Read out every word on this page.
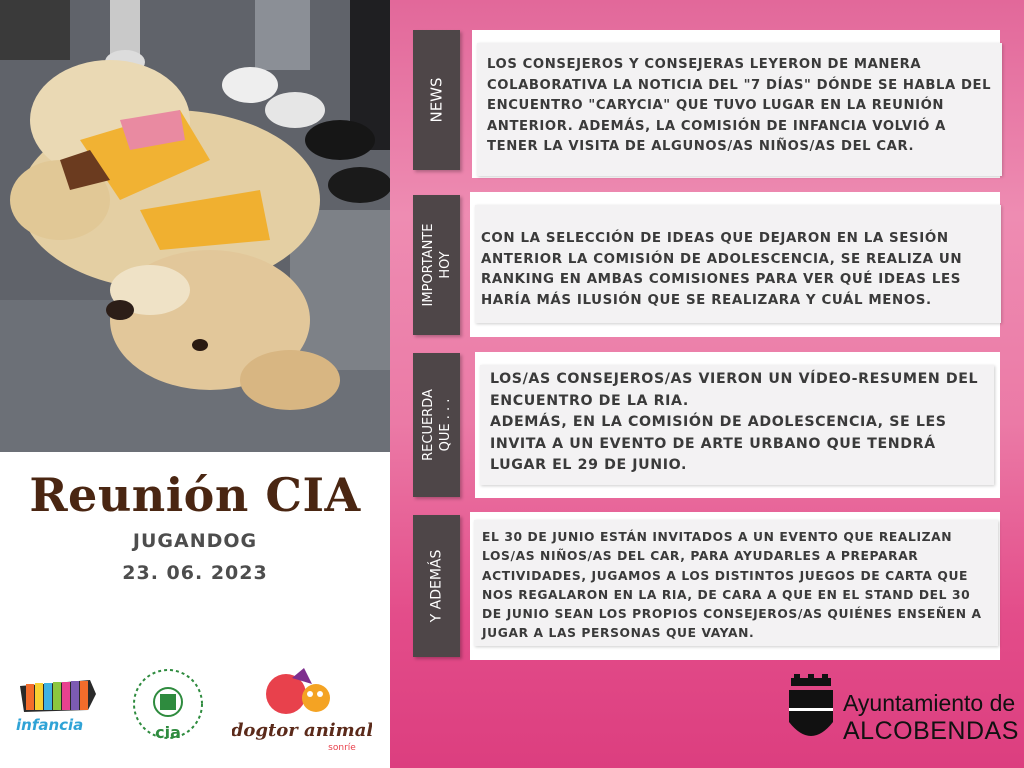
Reunión CIA
JUGANDOG
23. 06. 2023
infancia	cia	dogtor animal
sonríe
NEWS
LOS CONSEJEROS Y CONSEJERAS LEYERON DE MANERA COLABORATIVA LA NOTICIA DEL "7 DÍAS" DÓNDE SE HABLA DEL ENCUENTRO "CARYCIA" QUE TUVO LUGAR EN LA REUNIÓN ANTERIOR. ADEMÁS, LA COMISIÓN DE INFANCIA VOLVIÓ A TENER LA VISITA DE ALGUNOS/AS NIÑOS/AS DEL CAR.
IMPORTANTE HOY
CON LA SELECCIÓN DE IDEAS QUE DEJARON EN LA SESIÓN ANTERIOR LA COMISIÓN DE ADOLESCENCIA, SE REALIZA UN RANKING EN AMBAS COMISIONES PARA VER QUÉ IDEAS LES HARÍA MÁS ILUSIÓN QUE SE REALIZARA Y CUÁL MENOS.
RECUERDA QUE . . .
LOS/AS CONSEJEROS/AS VIERON UN VÍDEO-RESUMEN DEL ENCUENTRO DE LA RIA.
ADEMÁS, EN LA COMISIÓN DE ADOLESCENCIA, SE LES INVITA A UN EVENTO DE ARTE URBANO QUE TENDRÁ LUGAR EL 29 DE JUNIO.
Y ADEMÁS
EL 30 DE JUNIO ESTÁN INVITADOS A UN EVENTO QUE REALIZAN LOS/AS NIÑOS/AS DEL CAR, PARA AYUDARLES A PREPARAR ACTIVIDADES, JUGAMOS A LOS DISTINTOS JUEGOS DE CARTA QUE NOS REGALARON EN LA RIA, DE CARA A QUE EN EL STAND DEL 30 DE JUNIO SEAN LOS PROPIOS CONSEJEROS/AS QUIÉNES ENSEÑEN A JUGAR A LAS PERSONAS QUE VAYAN.
Ayuntamiento de
ALCOBENDAS
